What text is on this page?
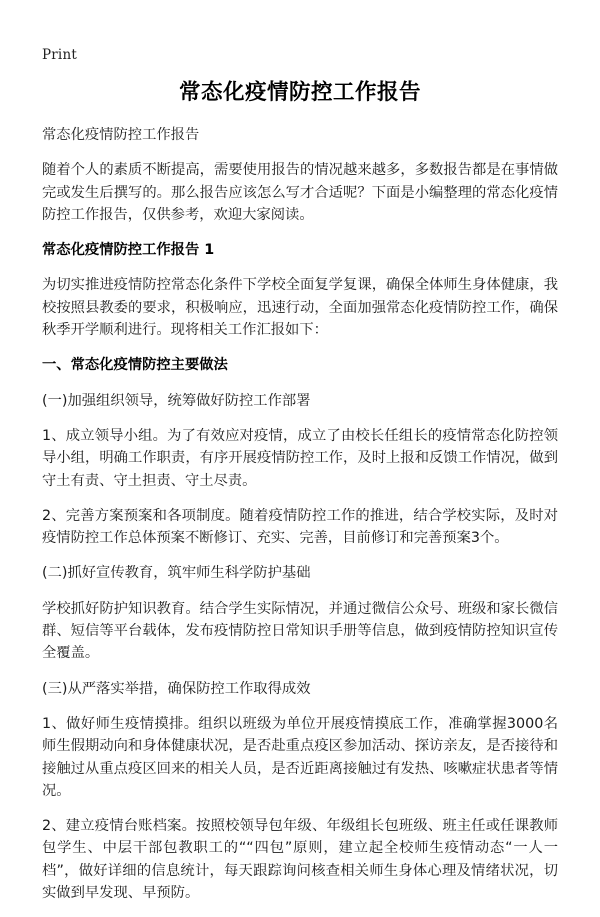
Print
常态化疫情防控工作报告

常态化疫情防控工作报告

随着个人的素质不断提高，需要使用报告的情况越来越多，多数报告都是在事情做完或发生后撰写的。那么报告应该怎么写才合适呢？下面是小编整理的常态化疫情防控工作报告，仅供参考，欢迎大家阅读。

常态化疫情防控工作报告 1

为切实推进疫情防控常态化条件下学校全面复学复课，确保全体师生身体健康，我校按照县教委的要求，积极响应，迅速行动，全面加强常态化疫情防控工作，确保秋季开学顺利进行。现将相关工作汇报如下：

一、常态化疫情防控主要做法

(一)加强组织领导，统筹做好防控工作部署

1、成立领导小组。为了有效应对疫情，成立了由校长任组长的疫情常态化防控领导小组，明确工作职责，有序开展疫情防控工作，及时上报和反馈工作情况，做到守土有责、守土担责、守土尽责。

2、完善方案预案和各项制度。随着疫情防控工作的推进，结合学校实际，及时对疫情防控工作总体预案不断修订、充实、完善，目前修订和完善预案3个。

(二)抓好宣传教育，筑牢师生科学防护基础

学校抓好防护知识教育。结合学生实际情况，并通过微信公众号、班级和家长微信群、短信等平台载体，发布疫情防控日常知识手册等信息，做到疫情防控知识宣传全覆盖。

(三)从严落实举措，确保防控工作取得成效

1、做好师生疫情摸排。组织以班级为单位开展疫情摸底工作，准确掌握3000名师生假期动向和身体健康状况，是否赴重点疫区参加活动、探访亲友，是否接待和接触过从重点疫区回来的相关人员，是否近距离接触过有发热、咳嗽症状患者等情况。

2、建立疫情台账档案。按照校领导包年级、年级组长包班级、班主任或任课教师包学生、中层干部包教职工的““四包”原则，建立起全校师生疫情动态“一人一档”，做好详细的信息统计，每天跟踪询问核查相关师生身体心理及情绪状况，切实做到早发现、早预防。
